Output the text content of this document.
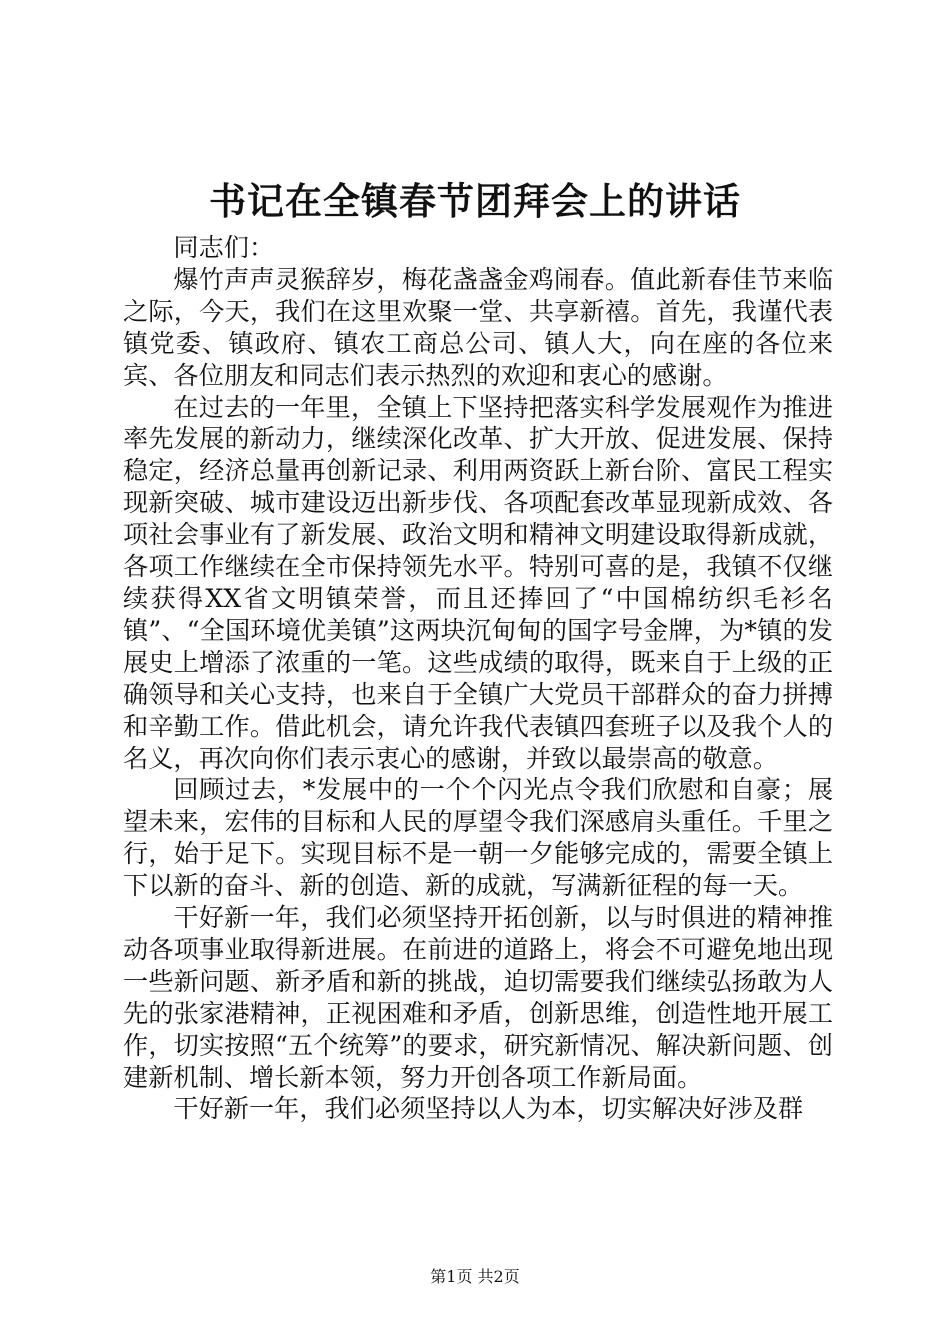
书记在全镇春节团拜会上的讲话

同志们：

爆竹声声灵猴辞岁，梅花盏盏金鸡闹春。值此新春佳节来临之际，今天，我们在这里欢聚一堂、共享新禧。首先，我谨代表镇党委、镇政府、镇农工商总公司、镇人大，向在座的各位来宾、各位朋友和同志们表示热烈的欢迎和衷心的感谢。

在过去的一年里，全镇上下坚持把落实科学发展观作为推进率先发展的新动力，继续深化改革、扩大开放、促进发展、保持稳定，经济总量再创新记录、利用两资跃上新台阶、富民工程实现新突破、城市建设迈出新步伐、各项配套改革显现新成效、各项社会事业有了新发展、政治文明和精神文明建设取得新成就，各项工作继续在全市保持领先水平。特别可喜的是，我镇不仅继续获得XX省文明镇荣誉，而且还捧回了“中国棉纺织毛衫名镇”、“全国环境优美镇”这两块沉甸甸的国字号金牌，为*镇的发展史上增添了浓重的一笔。这些成绩的取得，既来自于上级的正确领导和关心支持，也来自于全镇广大党员干部群众的奋力拼搏和辛勤工作。借此机会，请允许我代表镇四套班子以及我个人的名义，再次向你们表示衷心的感谢，并致以最崇高的敬意。

回顾过去，*发展中的一个个闪光点令我们欣慰和自豪；展望未来，宏伟的目标和人民的厚望令我们深感肩头重任。千里之行，始于足下。实现目标不是一朝一夕能够完成的，需要全镇上下以新的奋斗、新的创造、新的成就，写满新征程的每一天。

干好新一年，我们必须坚持开拓创新，以与时俱进的精神推动各项事业取得新进展。在前进的道路上，将会不可避免地出现一些新问题、新矛盾和新的挑战，迫切需要我们继续弘扬敢为人先的张家港精神，正视困难和矛盾，创新思维，创造性地开展工作，切实按照“五个统筹”的要求，研究新情况、解决新问题、创建新机制、增长新本领，努力开创各项工作新局面。

干好新一年，我们必须坚持以人为本，切实解决好涉及群

第1页 共2页
